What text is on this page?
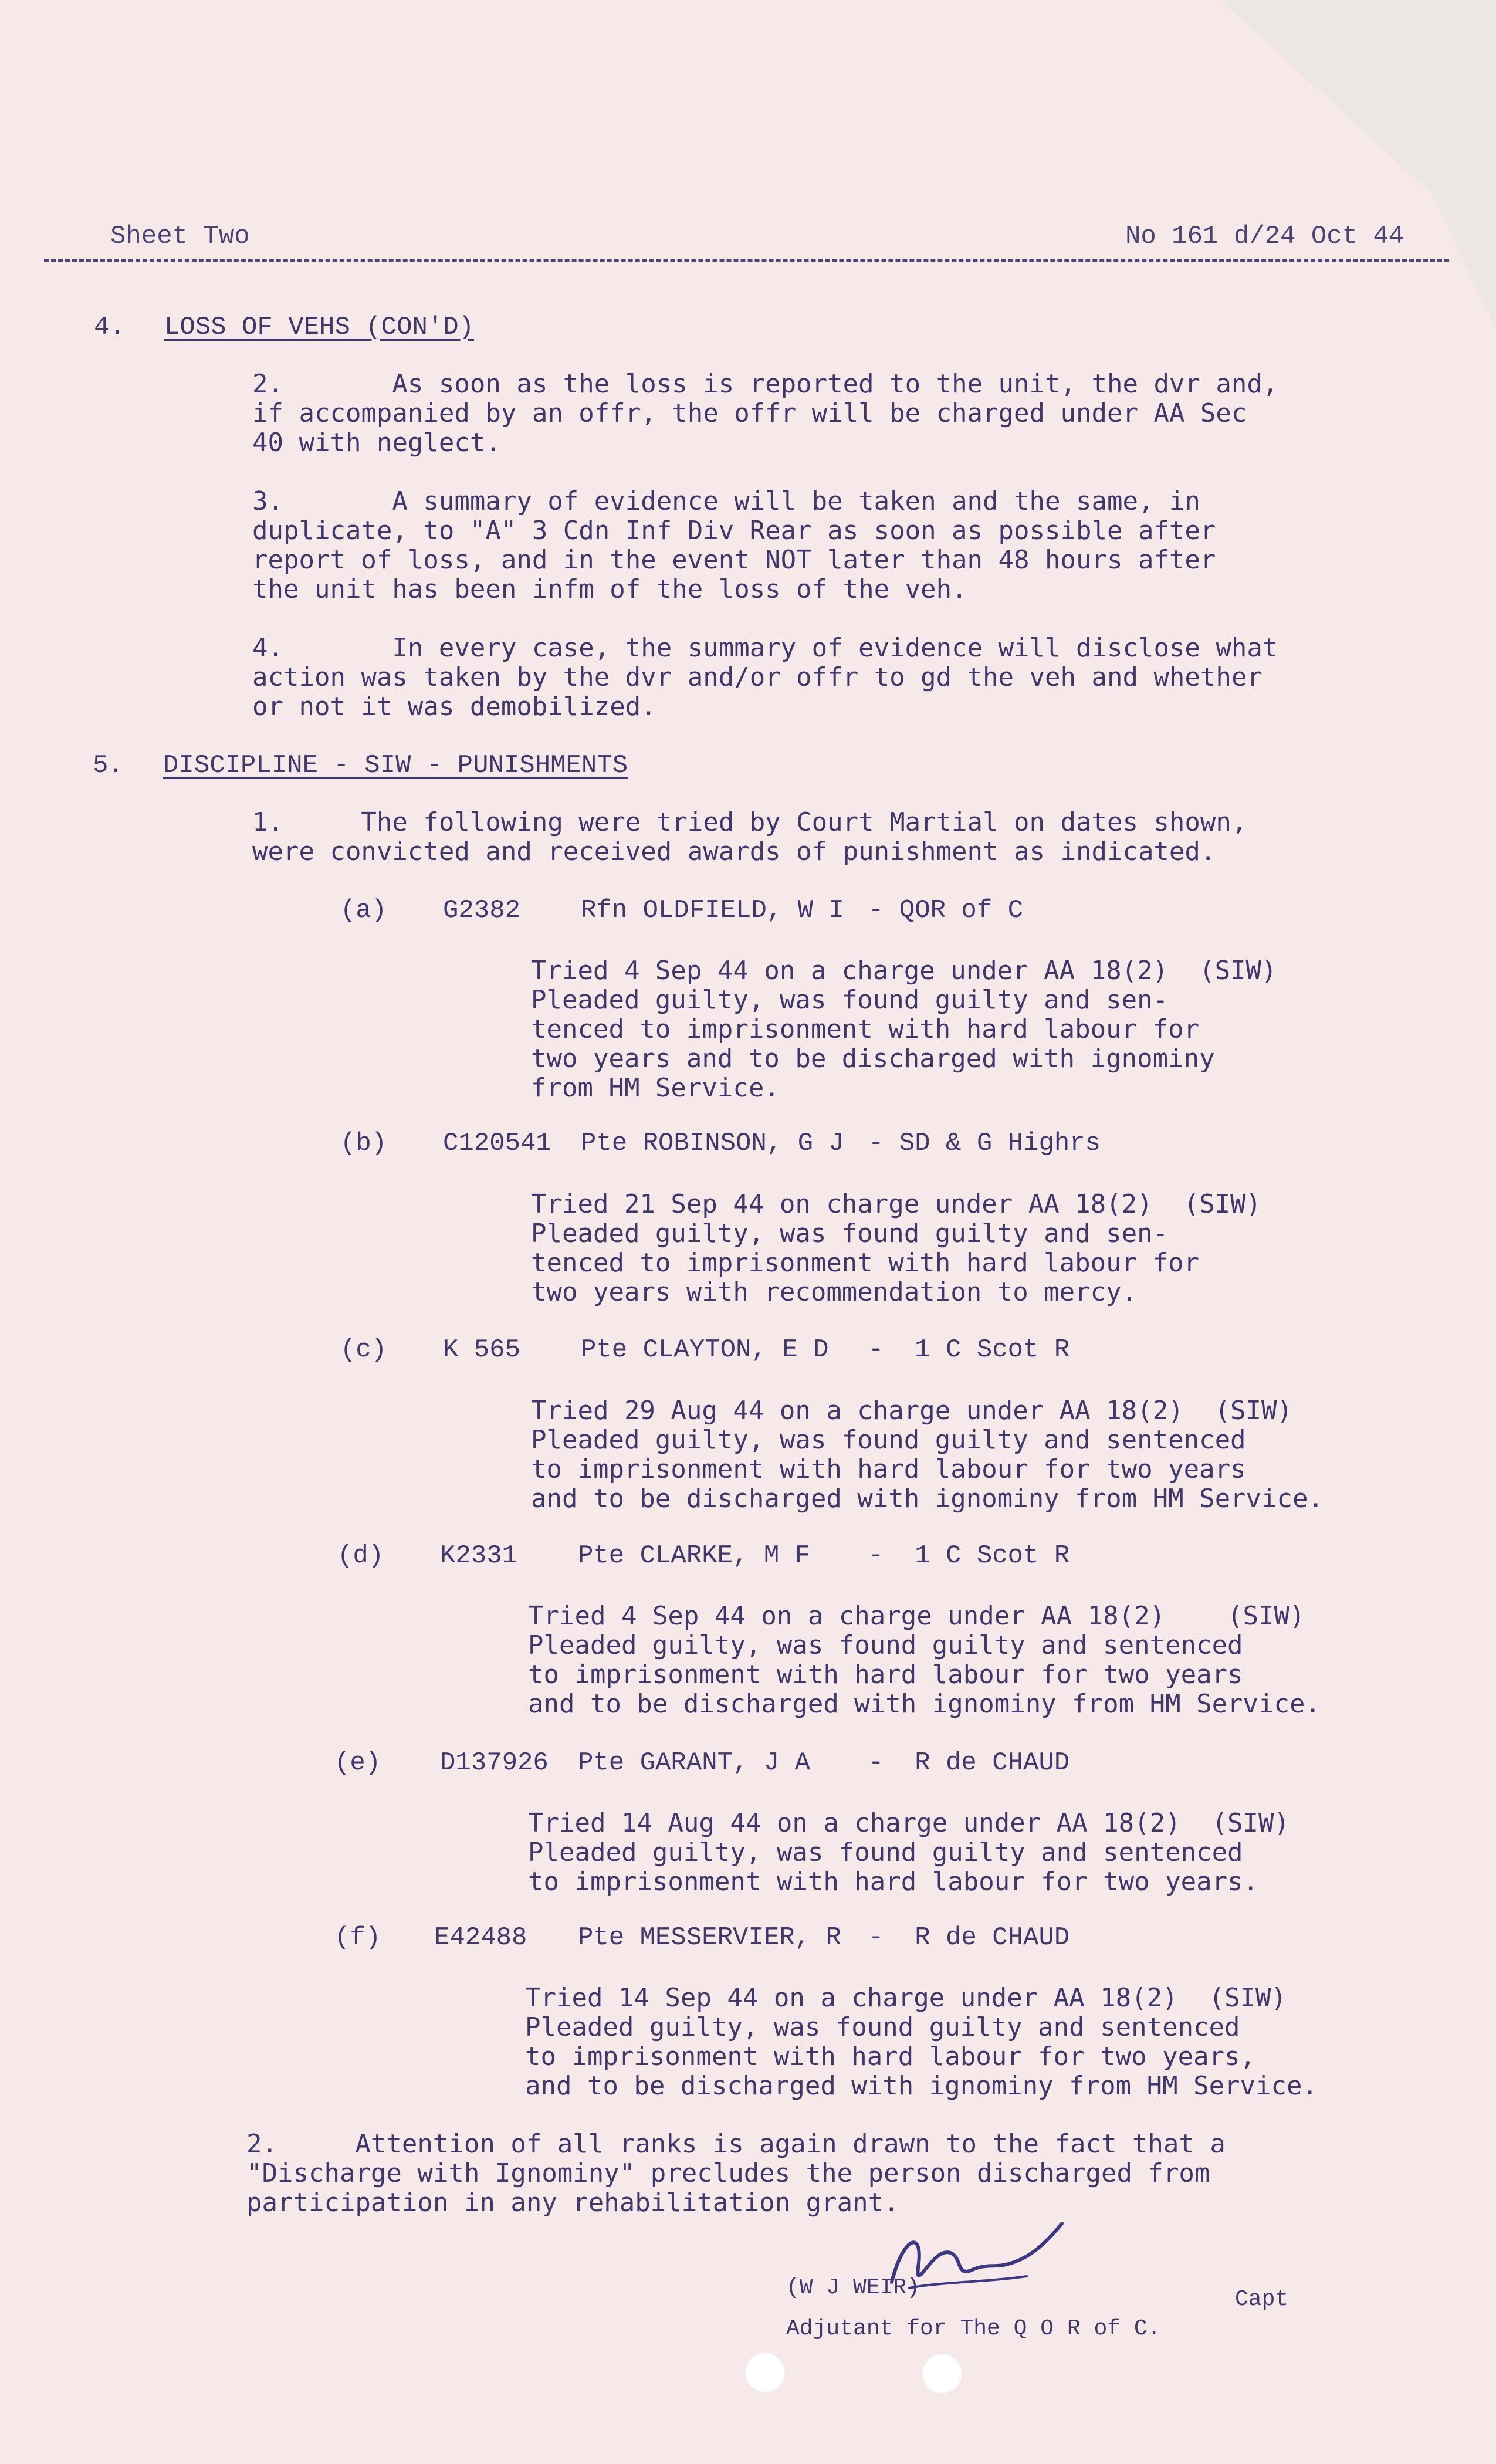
Sheet Two	No 161 d/24 Oct 44
4. LOSS OF VEHS (CON'D)
2.	As soon as the loss is reported to the unit, the dvr and,
if accompanied by an offr, the offr will be charged under AA Sec
40 with neglect.
3.	A summary of evidence will be taken and the same, in
duplicate, to "A" 3 Cdn Inf Div Rear as soon as possible after
report of loss, and in the event NOT later than 48 hours after
the unit has been infm of the loss of the veh.
4.	In every case, the summary of evidence will disclose what
action was taken by the dvr and/or offr to gd the veh and whether
or not it was demobilized.
5. DISCIPLINE - SIW - PUNISHMENTS
1.     The following were tried by Court Martial on dates shown,
were convicted and received awards of punishment as indicated.
(a) G2382 Rfn OLDFIELD, W I - QOR of C
Tried 4 Sep 44 on a charge under AA 18(2)  (SIW)
Pleaded guilty, was found guilty and sen-
tenced to imprisonment with hard labour for
two years and to be discharged with ignominy
from HM Service.
(b) C120541 Pte ROBINSON, G J - SD & G Highrs
Tried 21 Sep 44 on charge under AA 18(2)  (SIW)
Pleaded guilty, was found guilty and sen-
tenced to imprisonment with hard labour for
two years with recommendation to mercy.
(c) K 565 Pte CLAYTON, E D -  1 C Scot R
Tried 29 Aug 44 on a charge under AA 18(2)  (SIW)
Pleaded guilty, was found guilty and sentenced
to imprisonment with hard labour for two years
and to be discharged with ignominy from HM Service.
(d) K2331 Pte CLARKE, M F -  1 C Scot R
Tried 4 Sep 44 on a charge under AA 18(2)    (SIW)
Pleaded guilty, was found guilty and sentenced
to imprisonment with hard labour for two years
and to be discharged with ignominy from HM Service.
(e) D137926 Pte GARANT, J A -  R de CHAUD
Tried 14 Aug 44 on a charge under AA 18(2)  (SIW)
Pleaded guilty, was found guilty and sentenced
to imprisonment with hard labour for two years.
(f) E42488 Pte MESSERVIER, R -  R de CHAUD
Tried 14 Sep 44 on a charge under AA 18(2)  (SIW)
Pleaded guilty, was found guilty and sentenced
to imprisonment with hard labour for two years,
and to be discharged with ignominy from HM Service.
2.     Attention of all ranks is again drawn to the fact that a
"Discharge with Ignominy" precludes the person discharged from
participation in any rehabilitation grant.
(W J WEIR)	Capt
Adjutant for The Q O R of C.
